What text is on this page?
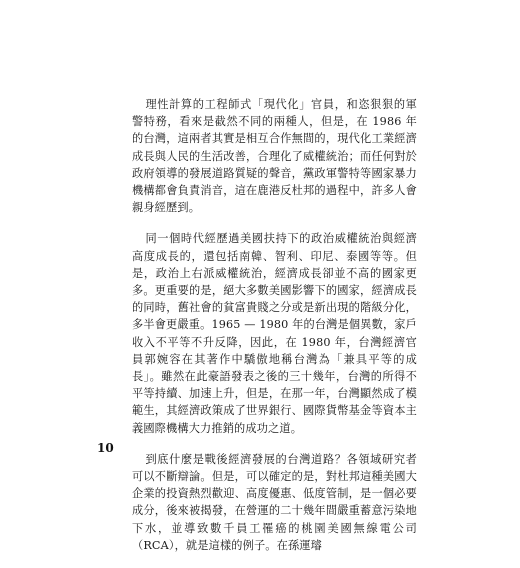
理性計算的工程師式「現代化」官員，和恣狠狠的軍警特務，看來是截然不同的兩種人，但是，在 1986 年的台灣，這兩者其實是相互合作無間的，現代化工業經濟成長與人民的生活改善，合理化了威權統治；而任何對於政府領導的發展道路質疑的聲音，黨政軍警特等國家暴力機構都會負責消音，這在鹿港反杜邦的過程中，許多人會親身經歷到。

同一個時代經歷過美國扶持下的政治威權統治與經濟高度成長的，還包括南韓、智利、印尼、泰國等等。但是，政治上右派威權統治，經濟成長卻並不高的國家更多。更重要的是，絕大多數美國影響下的國家，經濟成長的同時，舊社會的貧富貴賤之分或是新出現的階級分化，多半會更嚴重。1965 — 1980 年的台灣是個異數，家戶收入不平等不升反降，因此，在 1980 年，台灣經濟官員郭婉容在其著作中驕傲地稱台灣為「兼具平等的成長」。雖然在此豪語發表之後的三十幾年，台灣的所得不平等持續、加速上升，但是，在那一年，台灣顯然成了模範生，其經濟政策成了世界銀行、國際貨幣基金等資本主義國際機構大力推銷的成功之道。

到底什麼是戰後經濟發展的台灣道路？各領域研究者可以不斷辯論。但是，可以確定的是，對杜邦這種美國大企業的投資熱烈歡迎、高度優惠、低度管制，是一個必要成分，後來被揭發，在營運的二十幾年間嚴重蓄意污染地下水，並導致數千員工罹癌的桃園美國無線電公司（RCA），就是這樣的例子。在孫運璿

10
